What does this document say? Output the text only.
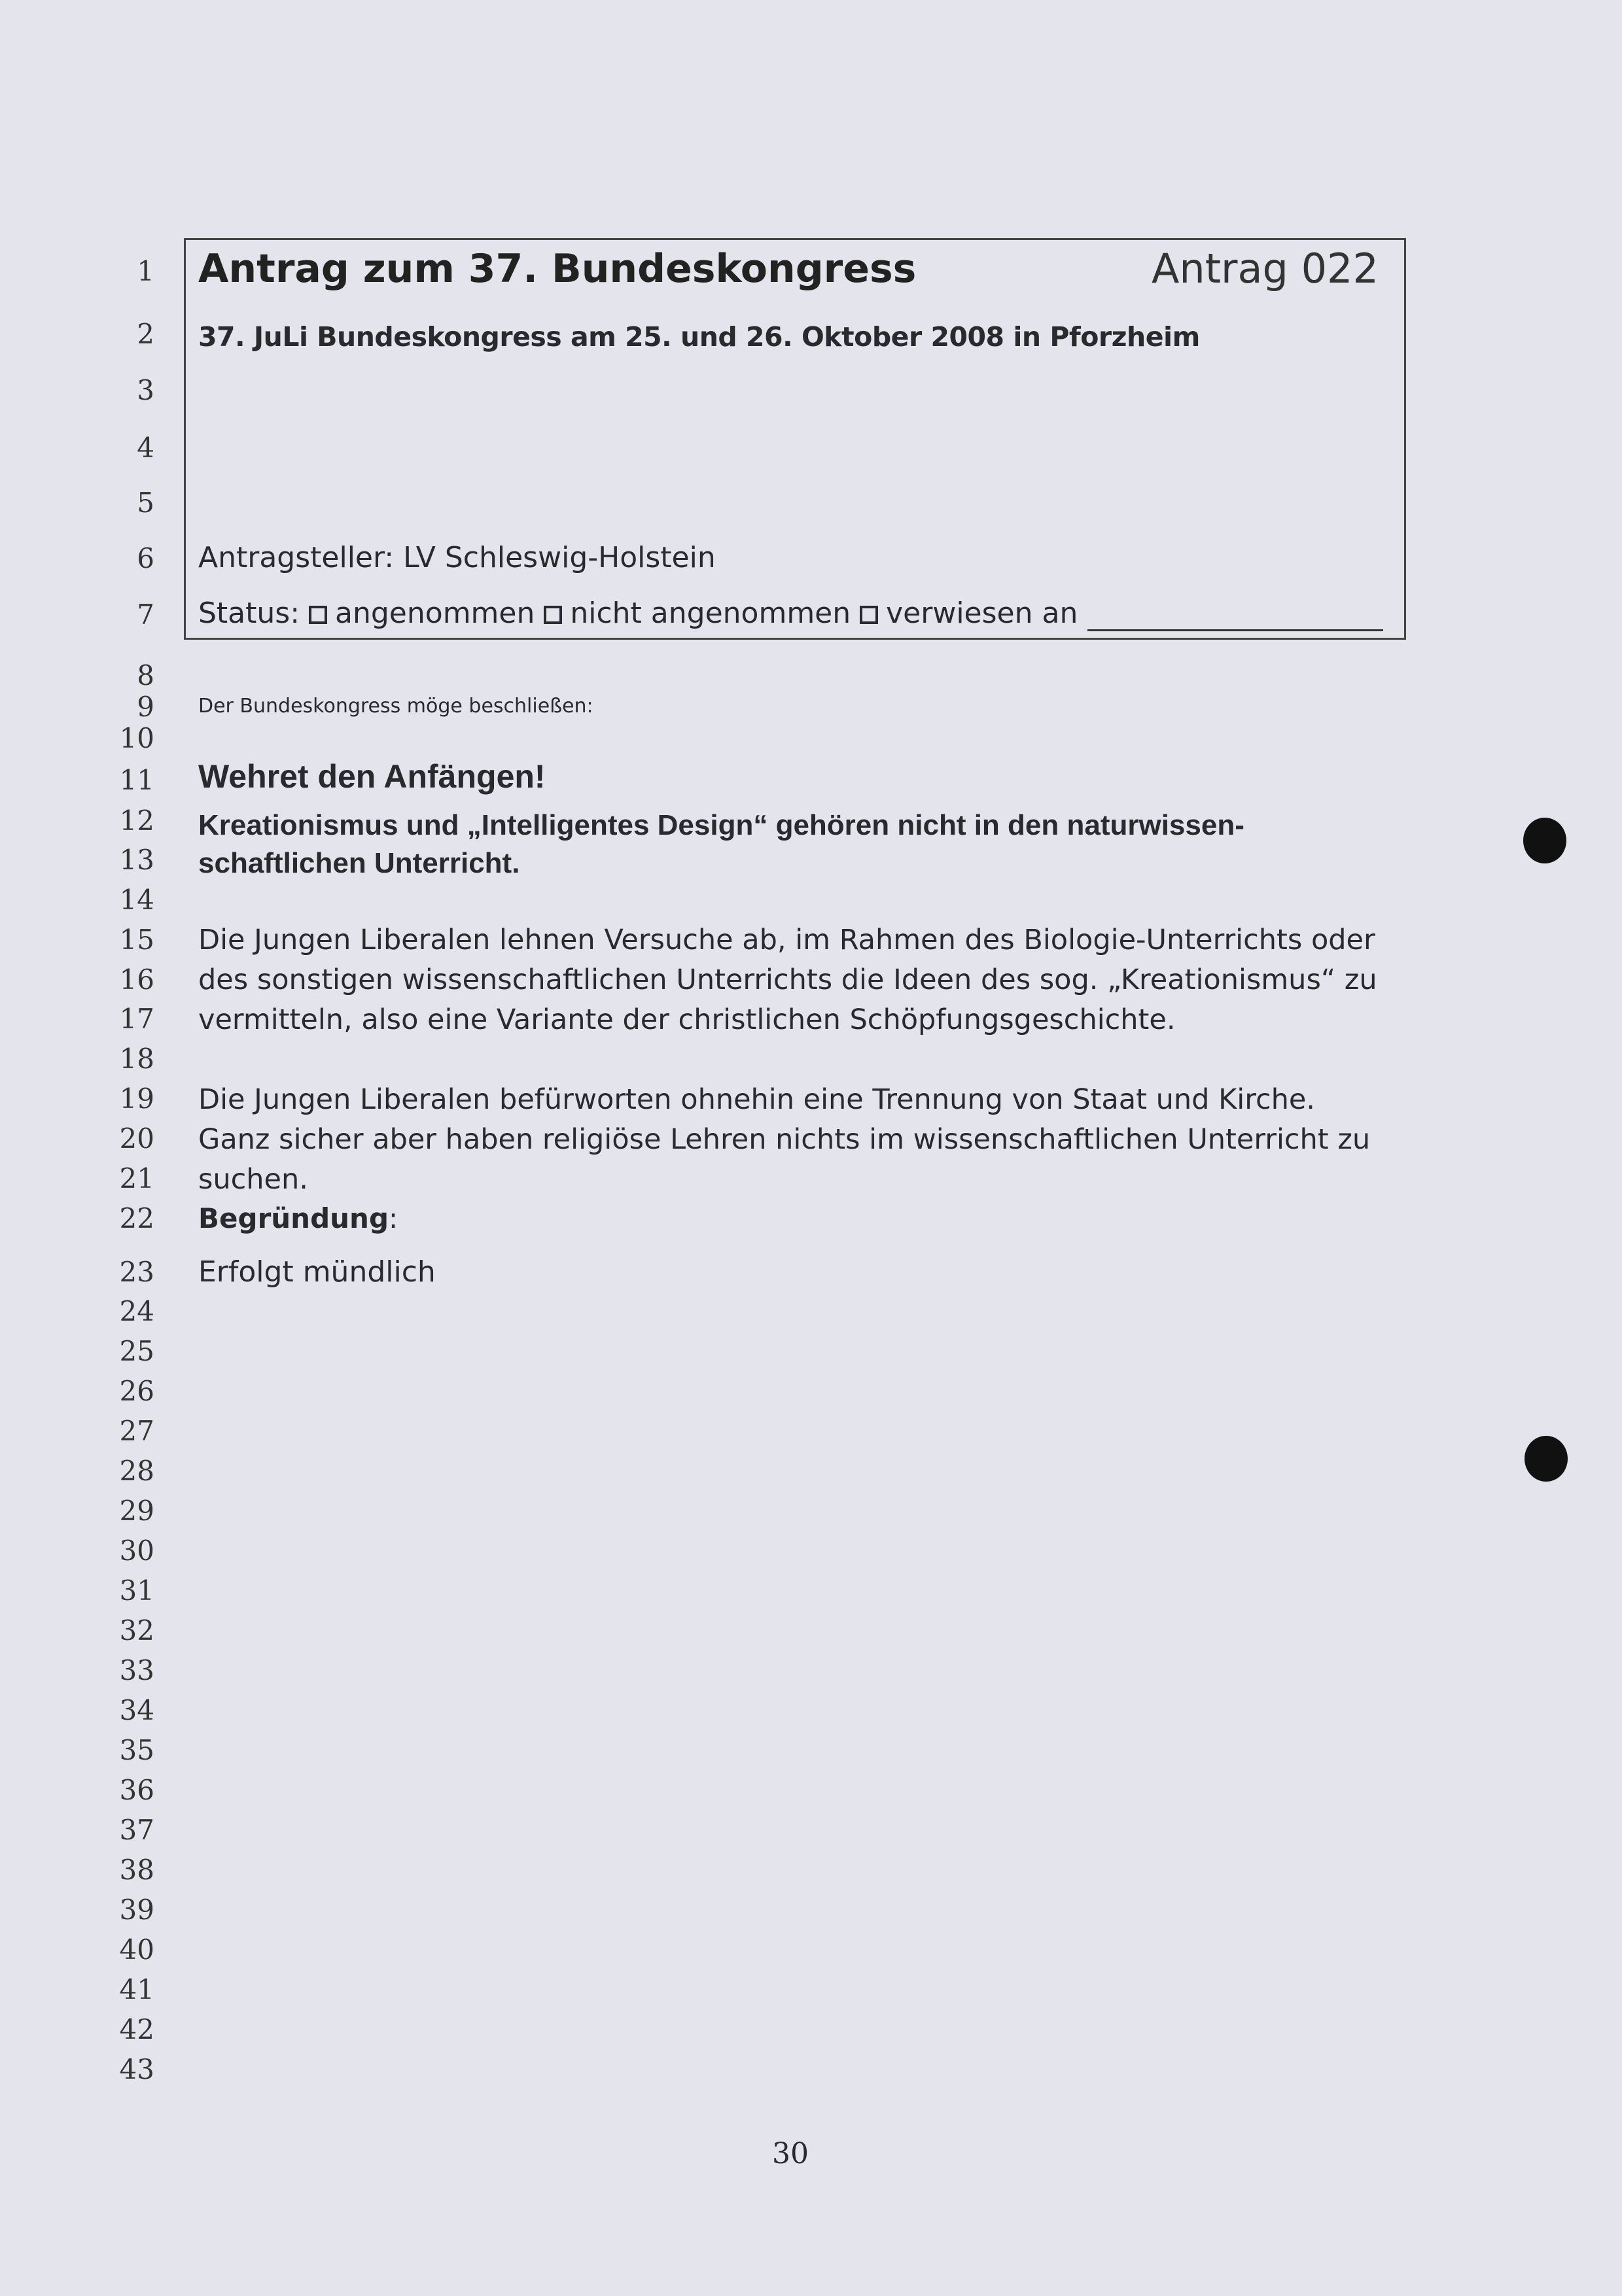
1
2
3
4
5
6
7
8
9
10
11
12
13
14
15
16
17
18
19
20
21
22
23
24
25
26
27
28
29
30
31
32
33
34
35
36
37
38
39
40
41
42
43
Antrag zum 37. Bundeskongress	Antrag 022
37. JuLi Bundeskongress am 25. und 26. Oktober 2008 in Pforzheim
Antragsteller: LV Schleswig-Holstein
Status: angenommen nicht angenommen verwiesen an
Der Bundeskongress möge beschließen:
Wehret den Anfängen!
Kreationismus und „Intelligentes Design“ gehören nicht in den naturwissen-
schaftlichen Unterricht.
Die Jungen Liberalen lehnen Versuche ab, im Rahmen des Biologie-Unterrichts oder des sonstigen wissenschaftlichen Unterrichts die Ideen des sog. „Kreationismus“ zu vermitteln, also eine Variante der christlichen Schöpfungsgeschichte.
Die Jungen Liberalen befürworten ohnehin eine Trennung von Staat und Kirche. Ganz sicher aber haben religiöse Lehren nichts im wissenschaftlichen Unterricht zu suchen.
Begründung:
Erfolgt mündlich
30
